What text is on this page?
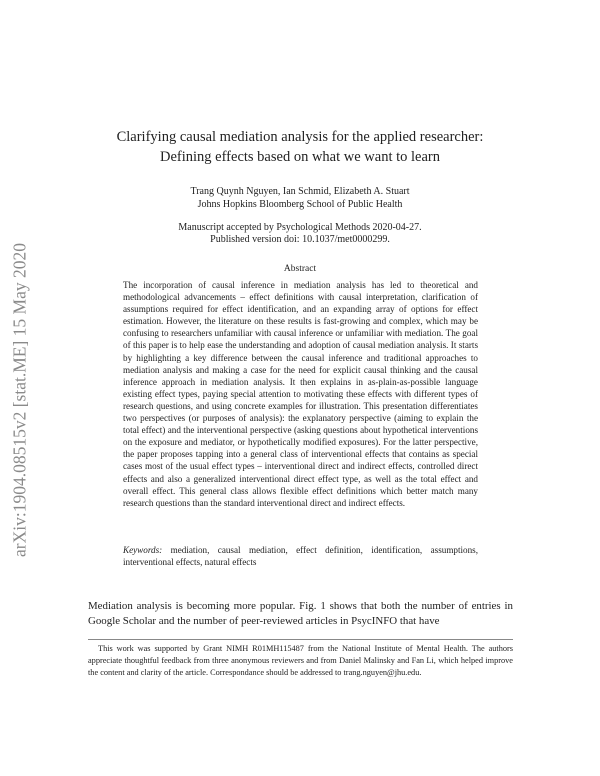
arXiv:1904.08515v2 [stat.ME] 15 May 2020
Clarifying causal mediation analysis for the applied researcher:
Defining effects based on what we want to learn
Trang Quynh Nguyen, Ian Schmid, Elizabeth A. Stuart
Johns Hopkins Bloomberg School of Public Health
Manuscript accepted by Psychological Methods 2020-04-27.
Published version doi: 10.1037/met0000299.
Abstract
The incorporation of causal inference in mediation analysis has led to theoretical and methodological advancements – effect definitions with causal interpretation, clarification of assumptions required for effect identification, and an expanding array of options for effect estimation. However, the literature on these results is fast-growing and complex, which may be confusing to researchers unfamiliar with causal inference or unfamiliar with mediation. The goal of this paper is to help ease the understanding and adoption of causal mediation analysis. It starts by highlighting a key difference between the causal inference and traditional approaches to mediation analysis and making a case for the need for explicit causal thinking and the causal inference approach in mediation analysis. It then explains in as-plain-as-possible language existing effect types, paying special attention to motivating these effects with different types of research questions, and using concrete examples for illustration. This presentation differentiates two perspectives (or purposes of analysis): the explanatory perspective (aiming to explain the total effect) and the interventional perspective (asking questions about hypothetical interventions on the exposure and mediator, or hypothetically modified exposures). For the latter perspective, the paper proposes tapping into a general class of interventional effects that contains as special cases most of the usual effect types – interventional direct and indirect effects, controlled direct effects and also a generalized interventional direct effect type, as well as the total effect and overall effect. This general class allows flexible effect definitions which better match many research questions than the standard interventional direct and indirect effects.
Keywords: mediation, causal mediation, effect definition, identification, assumptions, interventional effects, natural effects
Mediation analysis is becoming more popular. Fig. 1 shows that both the number of entries in Google Scholar and the number of peer-reviewed articles in PsycINFO that have
This work was supported by Grant NIMH R01MH115487 from the National Institute of Mental Health. The authors appreciate thoughtful feedback from three anonymous reviewers and from Daniel Malinsky and Fan Li, which helped improve the content and clarity of the article. Correspondance should be addressed to trang.nguyen@jhu.edu.
